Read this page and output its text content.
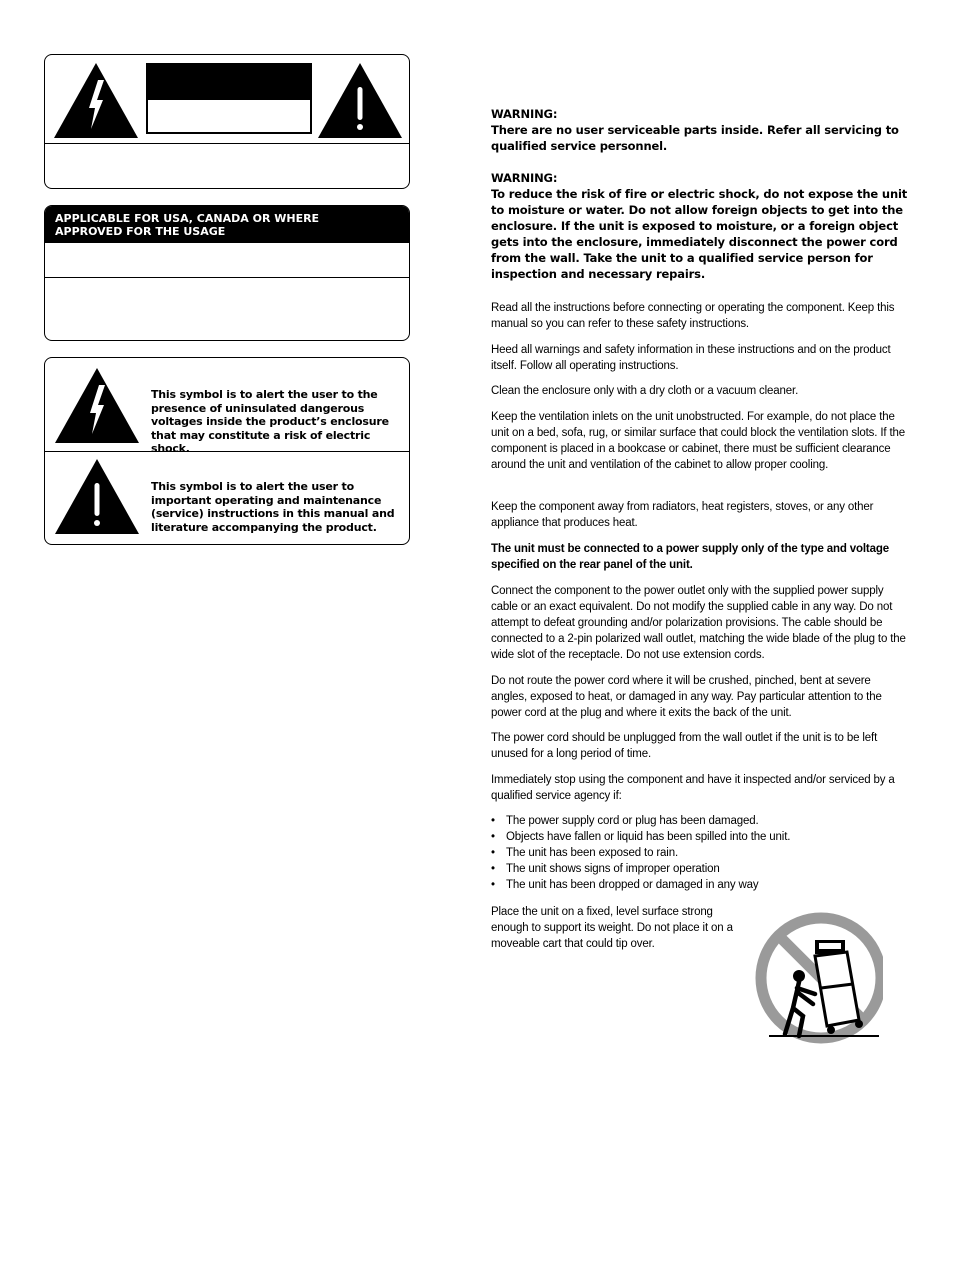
APPLICABLE FOR USA, CANADA OR WHERE
APPROVED FOR THE USAGE
This symbol is to alert the user to the presence of uninsulated dangerous voltages inside the product’s enclosure that may constitute a risk of electric shock.
This symbol is to alert the user to important operating and maintenance (service) instructions in this manual and literature accompanying the product.
WARNING:
There are no user serviceable parts inside. Refer all servicing to qualified service personnel.
WARNING:
To reduce the risk of fire or electric shock, do not expose the unit to moisture or water. Do not allow foreign objects to get into the enclosure. If the unit is exposed to moisture, or a foreign object gets into the enclosure, immediately disconnect the power cord from the wall. Take the unit to a qualified service person for inspection and necessary repairs.
Read all the instructions before connecting or operating the component. Keep this manual so you can refer to these safety instructions.
Heed all warnings and safety information in these instructions and on the product itself. Follow all operating instructions.
Clean the enclosure only with a dry cloth or a vacuum cleaner.
Keep the ventilation inlets on the unit unobstructed. For example, do not place the unit on a bed, sofa, rug, or similar surface that could block the ventilation slots. If the component is placed in a bookcase or cabinet, there must be sufficient clearance around the unit and ventilation of the cabinet to allow proper cooling.
Keep the component away from radiators, heat registers, stoves, or any other appliance that produces heat.
The unit must be connected to a power supply only of the type and voltage specified on the rear panel of the unit.
Connect the component to the power outlet only with the supplied power supply cable or an exact equivalent. Do not modify the supplied cable in any way. Do not attempt to defeat grounding and/or polarization provisions. The cable should be connected to a 2-pin polarized wall outlet, matching the wide blade of the plug to the wide slot of the receptacle. Do not use extension cords.
Do not route the power cord where it will be crushed, pinched, bent at severe angles, exposed to heat, or damaged in any way. Pay particular attention to the power cord at the plug and where it exits the back of the unit.
The power cord should be unplugged from the wall outlet if the unit is to be left unused for a long period of time.
Immediately stop using the component and have it inspected and/or serviced by a qualified service agency if:
• The power supply cord or plug has been damaged.
• Objects have fallen or liquid has been spilled into the unit.
• The unit has been exposed to rain.
• The unit shows signs of improper operation
• The unit has been dropped or damaged in any way
Place the unit on a fixed, level surface strong enough to support its weight. Do not place it on a moveable cart that could tip over.
